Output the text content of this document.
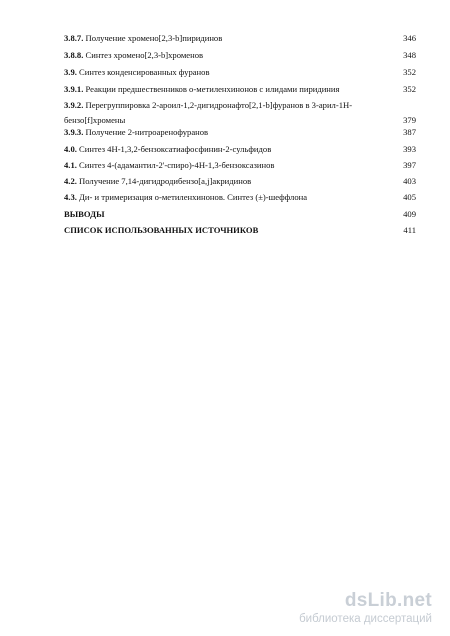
3.8.7. Получение хромено[2,3-b]пиридинов	346
3.8.8. Синтез хромено[2,3-b]хроменов	348
3.9. Синтез конденсированных фуранов	352
3.9.1. Реакции предшественников о-метиленхинонов с илидами пиридиния	352
3.9.2. Перегруппировка 2-ароил-1,2-дигидронафто[2,1-b]фуранов в 3-арил-1H-
бензо[f]хромены	379
3.9.3. Получение 2-нитроаренофуранов	387
4.0. Синтез 4H-1,3,2-бензоксатиафосфинин-2-сульфидов	393
4.1. Синтез 4-(адамантил-2'-спиро)-4H-1,3-бензоксазинов	397
4.2. Получение 7,14-дигидродибензо[a,j]акридинов	403
4.3. Ди- и тримеризация о-метиленхинонов. Синтез (±)-шеффлона	405
ВЫВОДЫ	409
СПИСОК ИСПОЛЬЗОВАННЫХ ИСТОЧНИКОВ	411
dsLib.net
библиотека диссертаций
